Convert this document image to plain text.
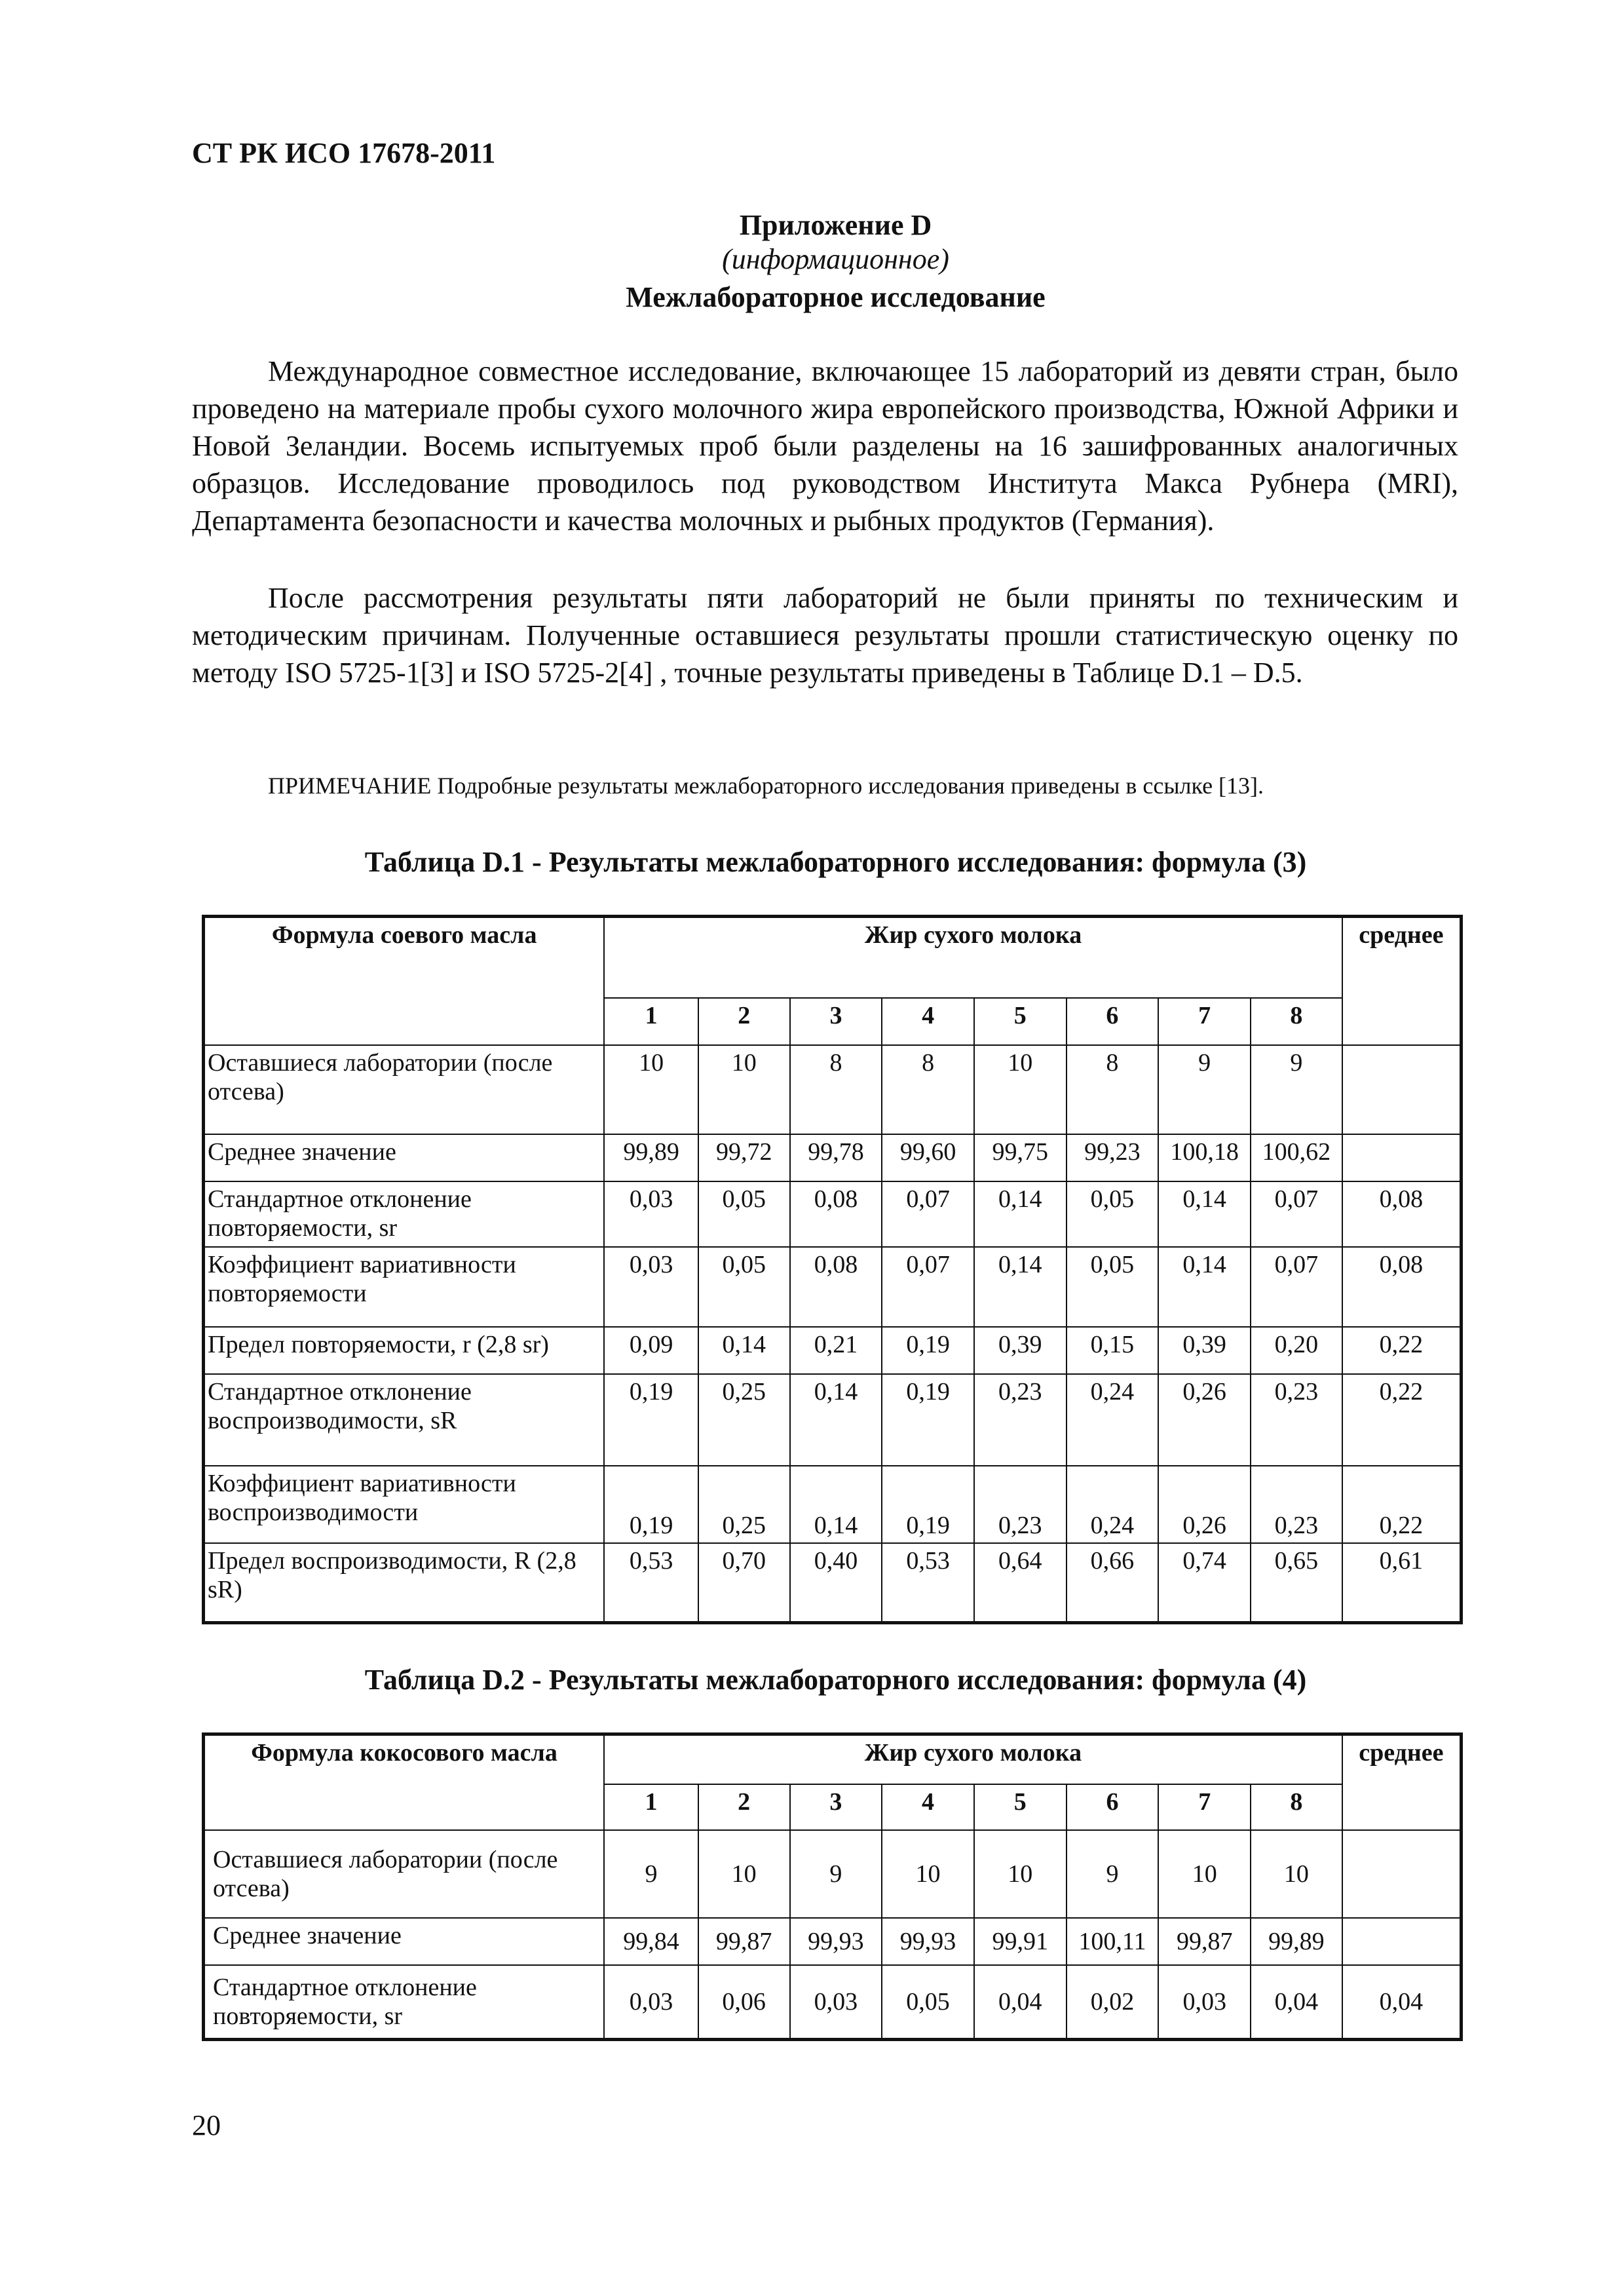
СТ РК ИСО 17678-2011
Приложение D
(информационное)
Межлабораторное исследование
Международное совместное исследование, включающее 15 лабораторий из девяти стран, было проведено на материале пробы сухого молочного жира европейского производства, Южной Африки и Новой Зеландии. Восемь испытуемых проб были разделены на 16 зашифрованных аналогичных образцов. Исследование проводилось под руководством Института Макса Рубнера (MRI), Департамента безопасности и качества молочных и рыбных продуктов (Германия).
После рассмотрения результаты пяти лабораторий не были приняты по техническим и методическим причинам. Полученные оставшиеся результаты прошли статистическую оценку по методу ISO 5725-1[3] и ISO 5725-2[4] , точные результаты приведены в Таблице D.1 – D.5.
ПРИМЕЧАНИЕ Подробные результаты межлабораторного исследования приведены в ссылке [13].
Таблица D.1 - Результаты межлабораторного исследования: формула (3)
Формула соевого масла	Жир сухого молока								среднее
	1	2	3	4	5	6	7	8	
Оставшиеся лаборатории (после отсева)	10	10	8	8	10	8	9	9	
Среднее значение	99,89	99,72	99,78	99,60	99,75	99,23	100,18	100,62	
Стандартное отклонение повторяемости, sr	0,03	0,05	0,08	0,07	0,14	0,05	0,14	0,07	0,08
Коэффициент вариативности повторяемости	0,03	0,05	0,08	0,07	0,14	0,05	0,14	0,07	0,08
Предел повторяемости, r (2,8 sr)	0,09	0,14	0,21	0,19	0,39	0,15	0,39	0,20	0,22
Стандартное отклонение воспроизводимости, sR	0,19	0,25	0,14	0,19	0,23	0,24	0,26	0,23	0,22
Коэффициент вариативности воспроизводимости	0,19	0,25	0,14	0,19	0,23	0,24	0,26	0,23	0,22
Предел воспроизводимости, R (2,8 sR)	0,53	0,70	0,40	0,53	0,64	0,66	0,74	0,65	0,61
Таблица D.2 - Результаты межлабораторного исследования: формула (4)
Формула кокосового масла	Жир сухого молока								среднее
	1	2	3	4	5	6	7	8	
Оставшиеся лаборатории (после отсева)	9	10	9	10	10	9	10	10	
Среднее значение	99,84	99,87	99,93	99,93	99,91	100,11	99,87	99,89	
Стандартное отклонение повторяемости, sr	0,03	0,06	0,03	0,05	0,04	0,02	0,03	0,04	0,04
20
